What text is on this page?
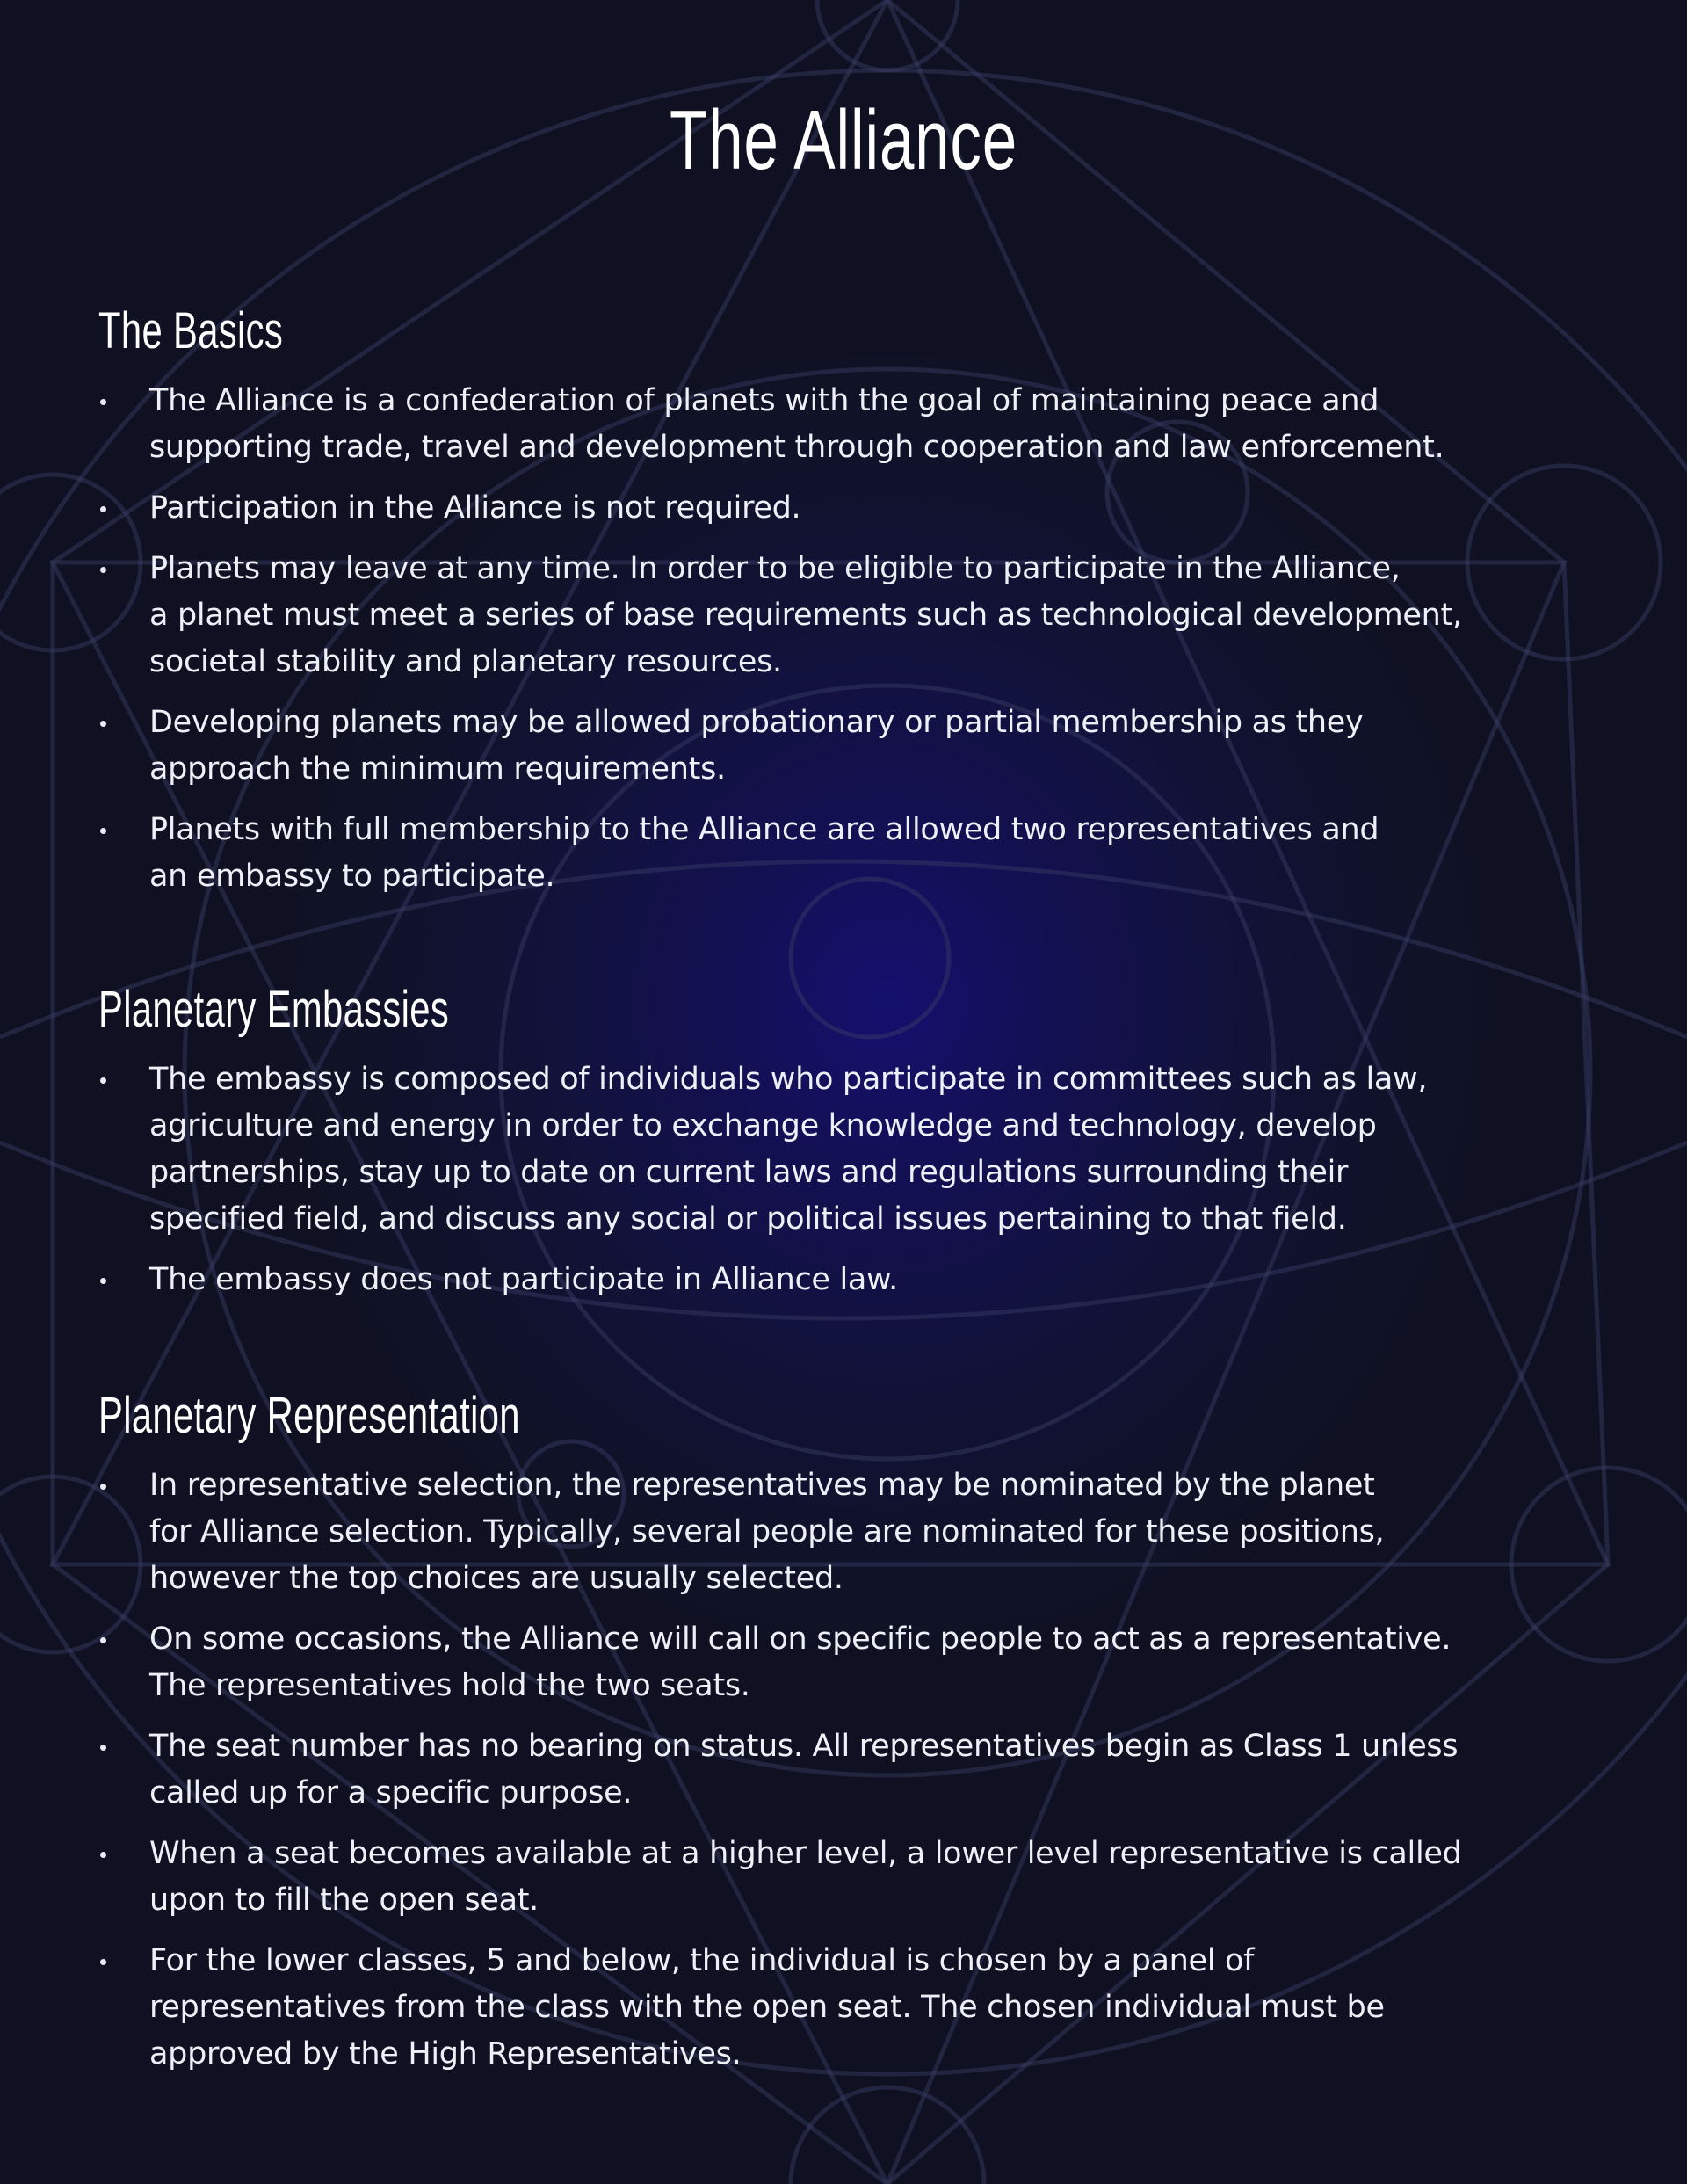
The Alliance
The Basics
The Alliance is a confederation of planets with the goal of maintaining peace and
supporting trade, travel and development through cooperation and law enforcement.
Participation in the Alliance is not required.
Planets may leave at any time. In order to be eligible to participate in the Alliance,
a planet must meet a series of base requirements such as technological development,
societal stability and planetary resources.
Developing planets may be allowed probationary or partial membership as they
approach the minimum requirements.
Planets with full membership to the Alliance are allowed two representatives and
an embassy to participate.
Planetary Embassies
The embassy is composed of individuals who participate in committees such as law,
agriculture and energy in order to exchange knowledge and technology, develop
partnerships, stay up to date on current laws and regulations surrounding their
specified field, and discuss any social or political issues pertaining to that field.
The embassy does not participate in Alliance law.
Planetary Representation
In representative selection, the representatives may be nominated by the planet
for Alliance selection. Typically, several people are nominated for these positions,
however the top choices are usually selected.
On some occasions, the Alliance will call on specific people to act as a representative.
The representatives hold the two seats.
The seat number has no bearing on status. All representatives begin as Class 1 unless
called up for a specific purpose.
When a seat becomes available at a higher level, a lower level representative is called
upon to fill the open seat.
For the lower classes, 5 and below, the individual is chosen by a panel of
representatives from the class with the open seat. The chosen individual must be
approved by the High Representatives.
